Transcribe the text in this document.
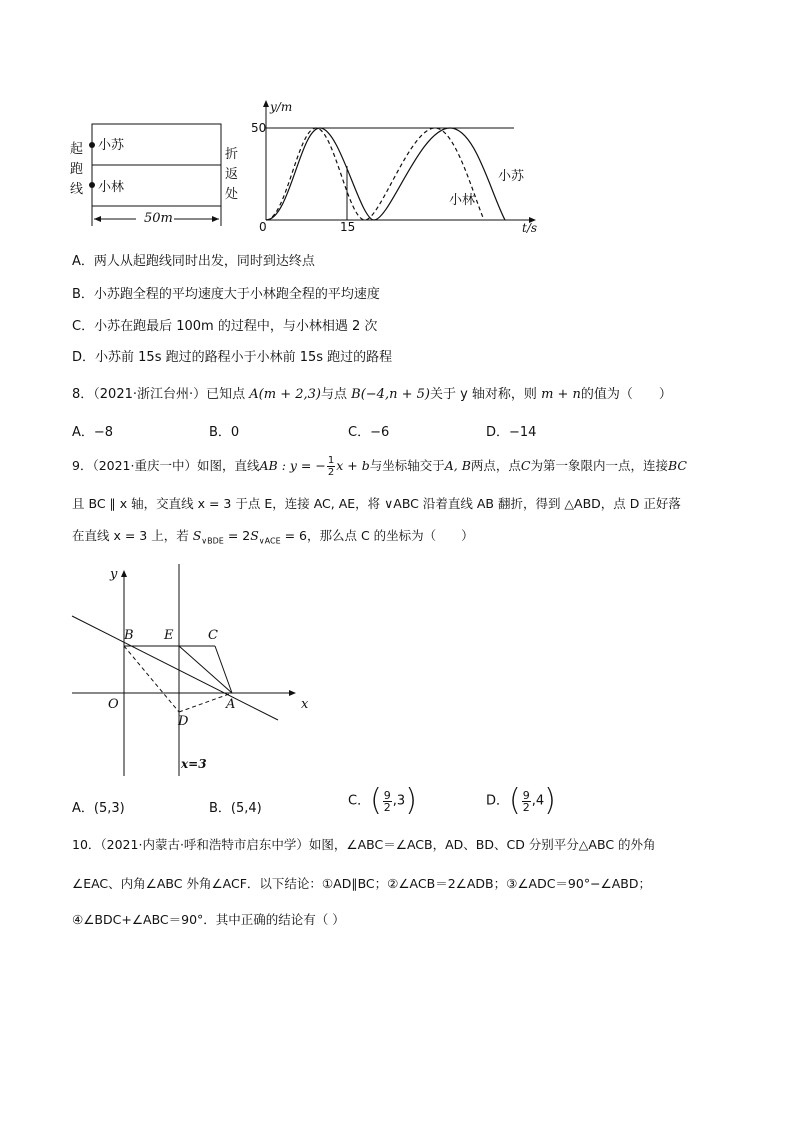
起
跑
线
折
返
处
小苏
小林
50m
y/m
50
0	15	t/s
小苏
小林
A．两人从起跑线同时出发，同时到达终点
B．小苏跑全程的平均速度大于小林跑全程的平均速度
C．小苏在跑最后 100m 的过程中，与小林相遇 2 次
D．小苏前 15s 跑过的路程小于小林前 15s 跑过的路程
8．（2021·浙江台州·）已知点 A(m + 2,3)与点 B(−4,n + 5)关于 y 轴对称，则 m + n的值为（　　）
A．−8	B．0	C．−6	D．−14
9．（2021·重庆一中）如图，直线AB : y = − $\frac{1}{2}$ x + b与坐标轴交于A, B两点，点C为第一象限内一点，连接BC
且 BC ∥ x 轴，交直线 x = 3 于点 E，连接 AC, AE，将 ∨ABC 沿着直线 AB 翻折，得到 △ABD，点 D 正好落
在直线 x = 3 上，若 $S_{\vee BDE} = 2S_{\vee ACE} = 6$，那么点 C 的坐标为（　　）
y
x
O
B E	C
A
D
x=3
A．(5,3)	B．(5,4)	C．( $\frac{9}{2} ,3$)	D．( $\frac{9}{2} ,4$)
10．（2021·内蒙古·呼和浩特市启东中学）如图，∠ABC＝∠ACB，AD、BD、CD 分别平分△ABC 的外角
∠EAC、内角∠ABC 外角∠ACF．以下结论：①AD∥BC；②∠ACB＝2∠ADB；③∠ADC＝90°−∠ABD；
④∠BDC+∠ABC＝90°．其中正确的结论有（ ）
